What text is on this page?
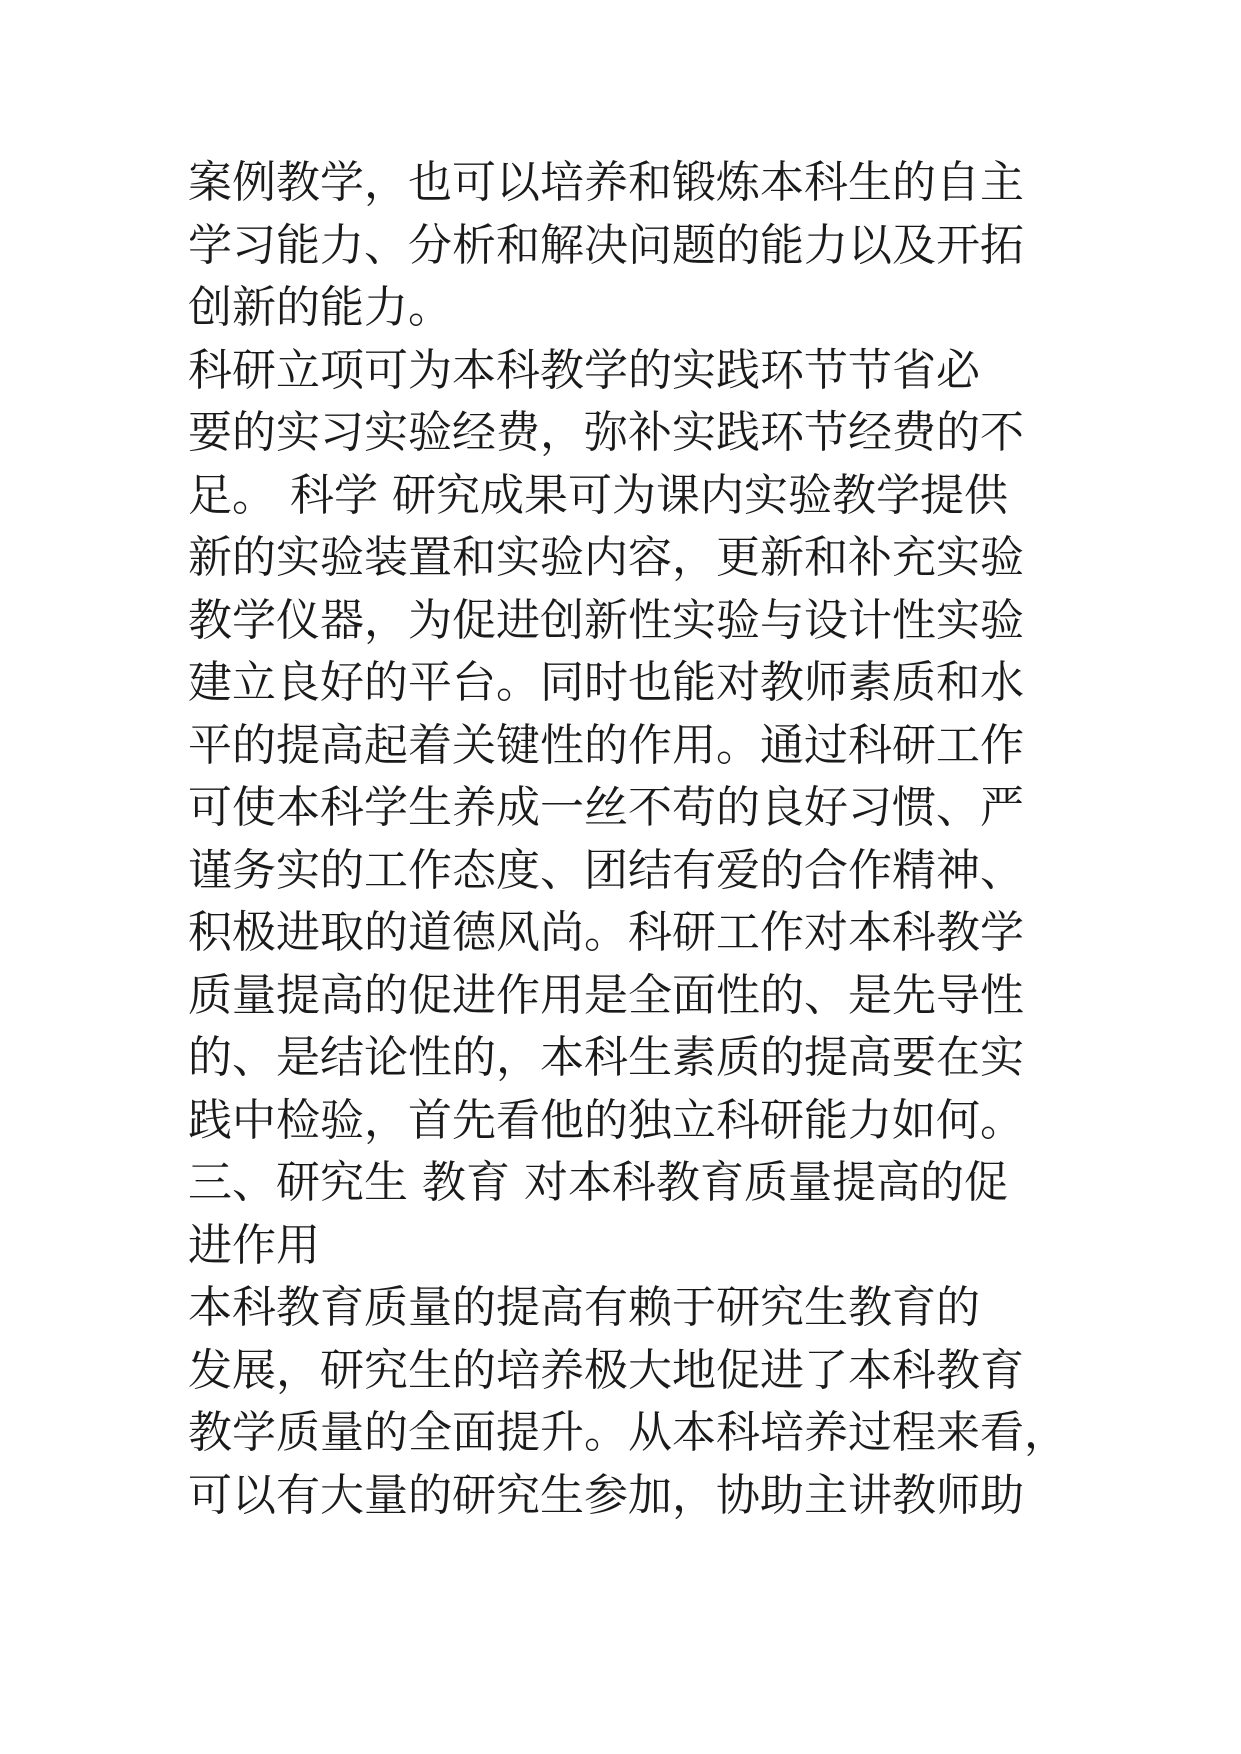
案例教学，也可以培养和锻炼本科生的自主
学习能力、分析和解决问题的能力以及开拓
创新的能力。
科研立项可为本科教学的实践环节节省必
要的实习实验经费，弥补实践环节经费的不
足。 科学 研究成果可为课内实验教学提供
新的实验装置和实验内容，更新和补充实验
教学仪器，为促进创新性实验与设计性实验
建立良好的平台。同时也能对教师素质和水
平的提高起着关键性的作用。通过科研工作
可使本科学生养成一丝不苟的良好习惯、严
谨务实的工作态度、团结有爱的合作精神、
积极进取的道德风尚。科研工作对本科教学
质量提高的促进作用是全面性的、是先导性
的、是结论性的，本科生素质的提高要在实
践中检验，首先看他的独立科研能力如何。
三、研究生 教育 对本科教育质量提高的促
进作用
本科教育质量的提高有赖于研究生教育的
发展，研究生的培养极大地促进了本科教育
教学质量的全面提升。从本科培养过程来看，
可以有大量的研究生参加，协助主讲教师助
